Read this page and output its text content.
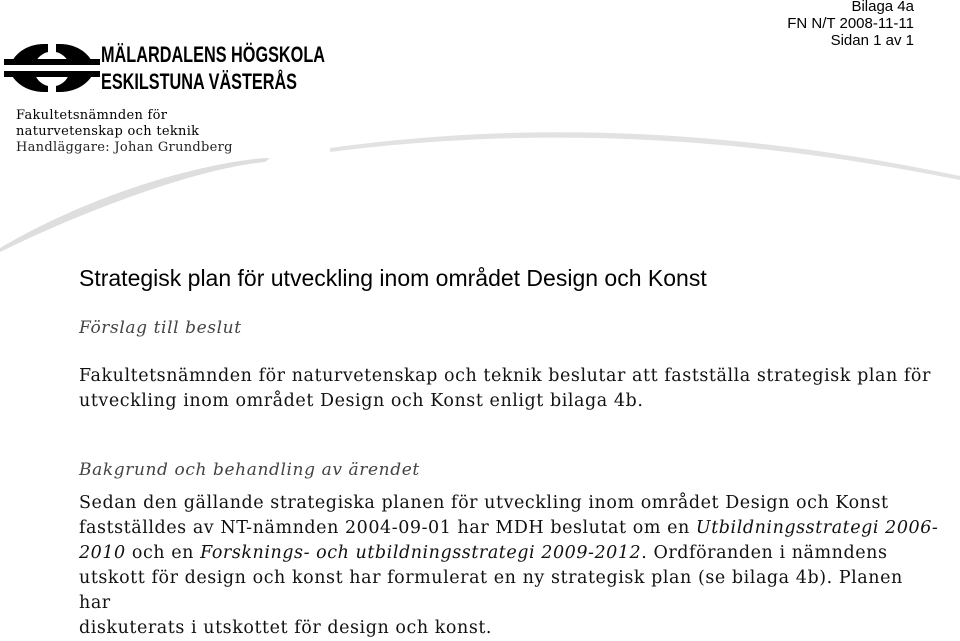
Bilaga 4a
FN N/T 2008-11-11
Sidan 1 av 1
MÄLARDALENS HÖGSKOLA
ESKILSTUNA VÄSTERÅS
Fakultetsnämnden för
naturvetenskap och teknik
Handläggare: Johan Grundberg
Strategisk plan för utveckling inom området Design och Konst
Förslag till beslut
Fakultetsnämnden för naturvetenskap och teknik beslutar att fastställa strategisk plan för
utveckling inom området Design och Konst enligt bilaga 4b.
Bakgrund och behandling av ärendet
Sedan den gällande strategiska planen för utveckling inom området Design och Konst
fastställdes av NT-nämnden 2004-09-01 har MDH beslutat om en Utbildningsstrategi 2006-
2010 och en Forsknings- och utbildningsstrategi 2009-2012. Ordföranden i nämndens
utskott för design och konst har formulerat en ny strategisk plan (se bilaga 4b). Planen har
diskuterats i utskottet för design och konst.
